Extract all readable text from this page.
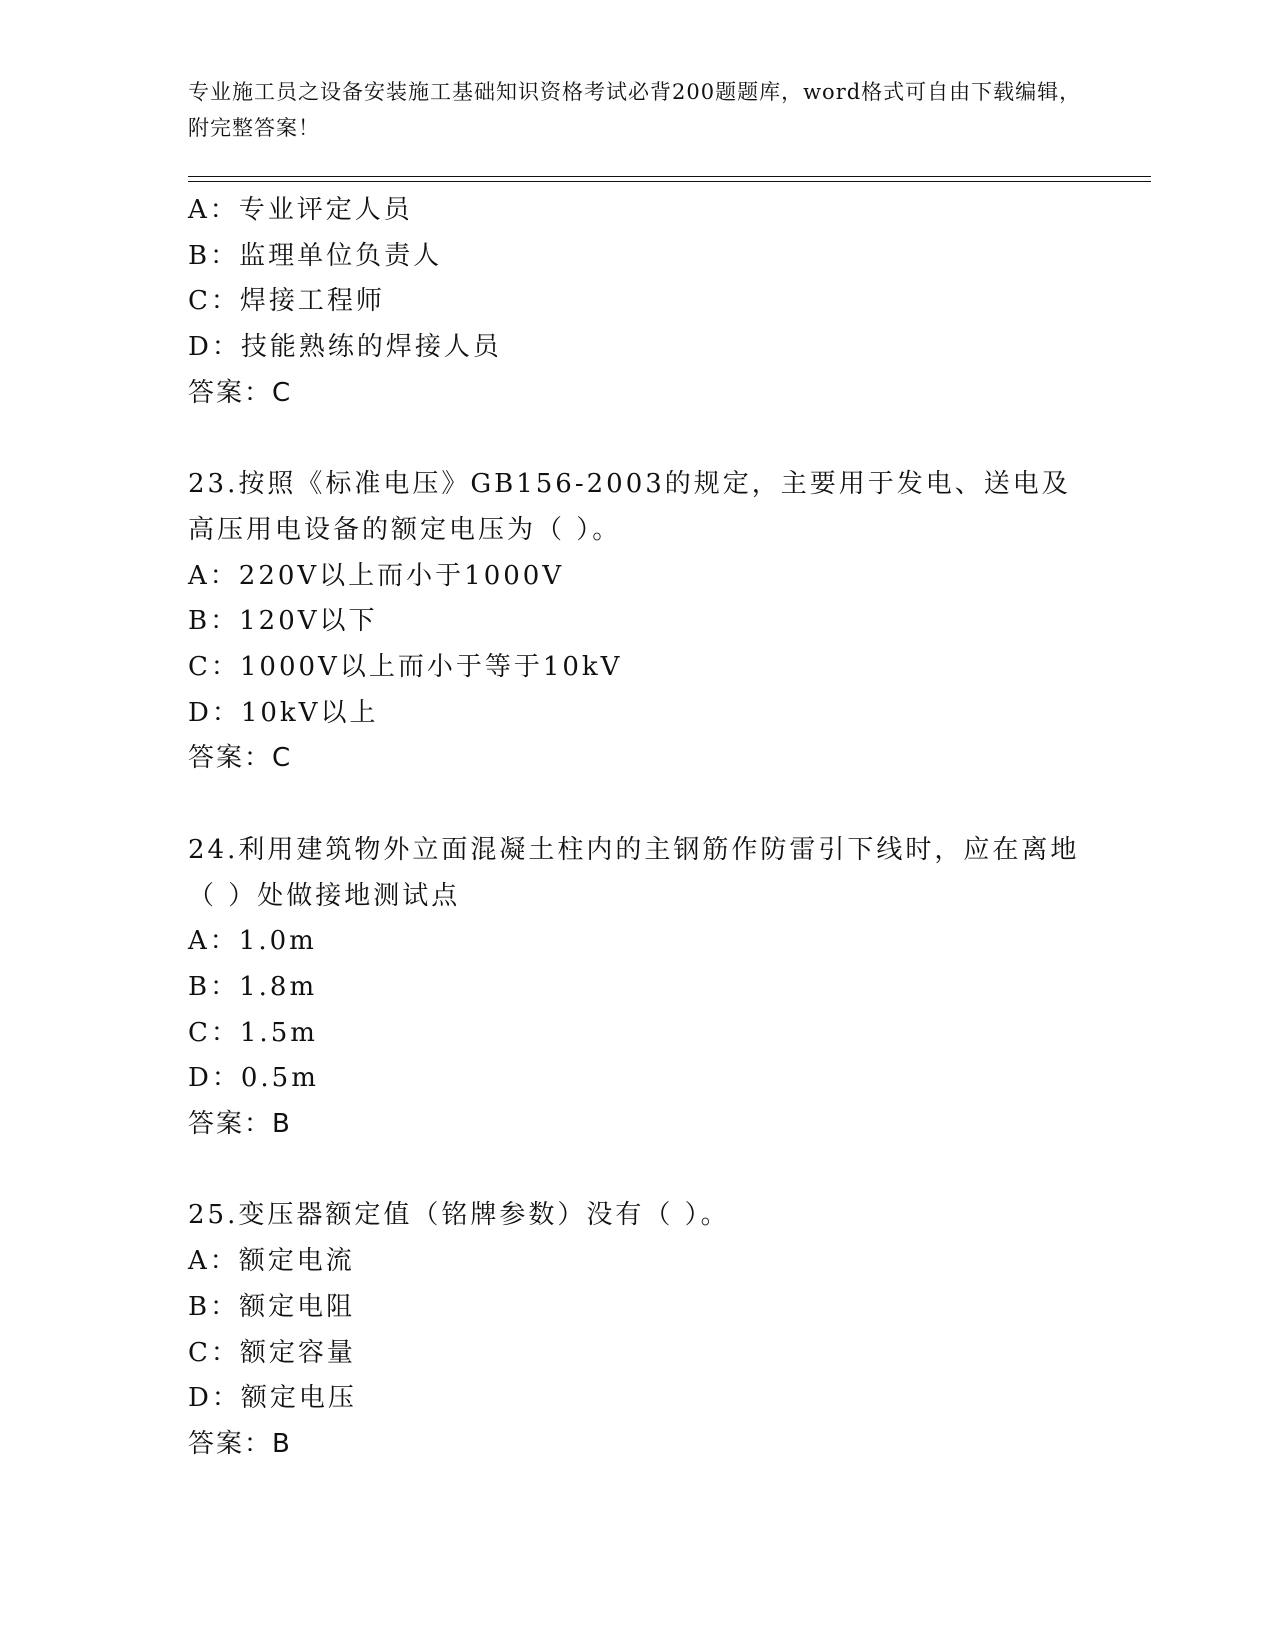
专业施工员之设备安装施工基础知识资格考试必背200题题库，word格式可自由下载编辑，附完整答案！
A：专业评定人员
B：监理单位负责人
C：焊接工程师
D：技能熟练的焊接人员
答案：C
23.按照《标准电压》GB156-2003的规定，主要用于发电、送电及高压用电设备的额定电压为（ ）。
A：220V以上而小于1000V
B：120V以下
C：1000V以上而小于等于10kV
D：10kV以上
答案：C
24.利用建筑物外立面混凝土柱内的主钢筋作防雷引下线时，应在离地（ ）处做接地测试点
A：1.0m
B：1.8m
C：1.5m
D：0.5m
答案：B
25.变压器额定值（铭牌参数）没有（ ）。
A：额定电流
B：额定电阻
C：额定容量
D：额定电压
答案：B
